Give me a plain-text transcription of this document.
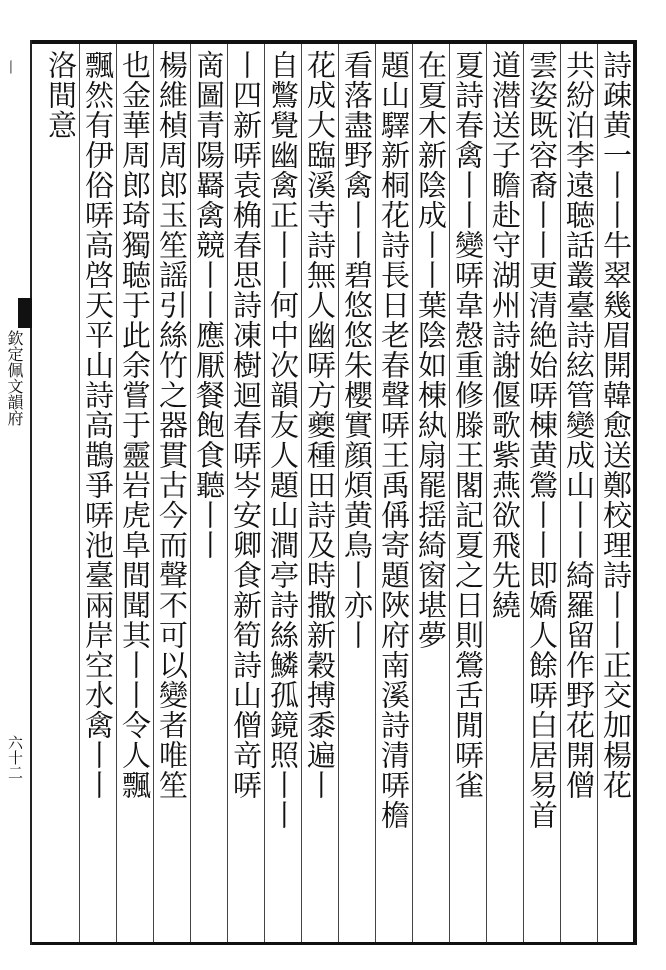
丨
欽定佩文韻府
六十二	詩疎黄一丨丨牛翠幾眉開韓愈送鄭校理詩丨丨正交加楊花
共紛泊李遠聴話叢臺詩絃管變成山丨丨綺羅留作野花開僧
雲姿既容裔丨丨更清絶始哢棟黄鶯丨丨即嬌人餘哢白居易首
道潜送子瞻赴守湖州詩謝偃歌紫燕欲飛先繞
夏詩春禽丨丨變哢韋慤重修滕王閣記夏之日則鶯舌閒哢雀
在夏木新陰成丨丨葉陰如棟紈扇罷揺綺窗堪夢
題山驛新桐花詩長日老春聲哢王禹偁寄題陜府南溪詩清哢檐
看落盡野禽丨丨碧悠悠朱櫻實顔煩黄鳥丨亦丨
花成大臨溪寺詩無人幽哢方夔種田詩及時撒新穀搏黍遍丨
自鷩覺幽禽正丨丨何中次韻友人題山澗亭詩絲鱗孤鏡照丨丨
丨四新哢袁桷春思詩凍樹迴春哢岑安卿食新筍詩山僧竒哢
啇圖青陽羇禽競丨丨應厭餐飽食聽丨丨
楊維楨周郎玉笙謡引絲竹之器貫古今而聲不可以變者唯笙
也金華周郎琦獨聴于此余嘗于靈岩虎阜間聞其丨丨令人飄
飄然有伊俗哢高啓天平山詩高鵲爭哢池臺兩岸空水禽丨丨
洛間意
